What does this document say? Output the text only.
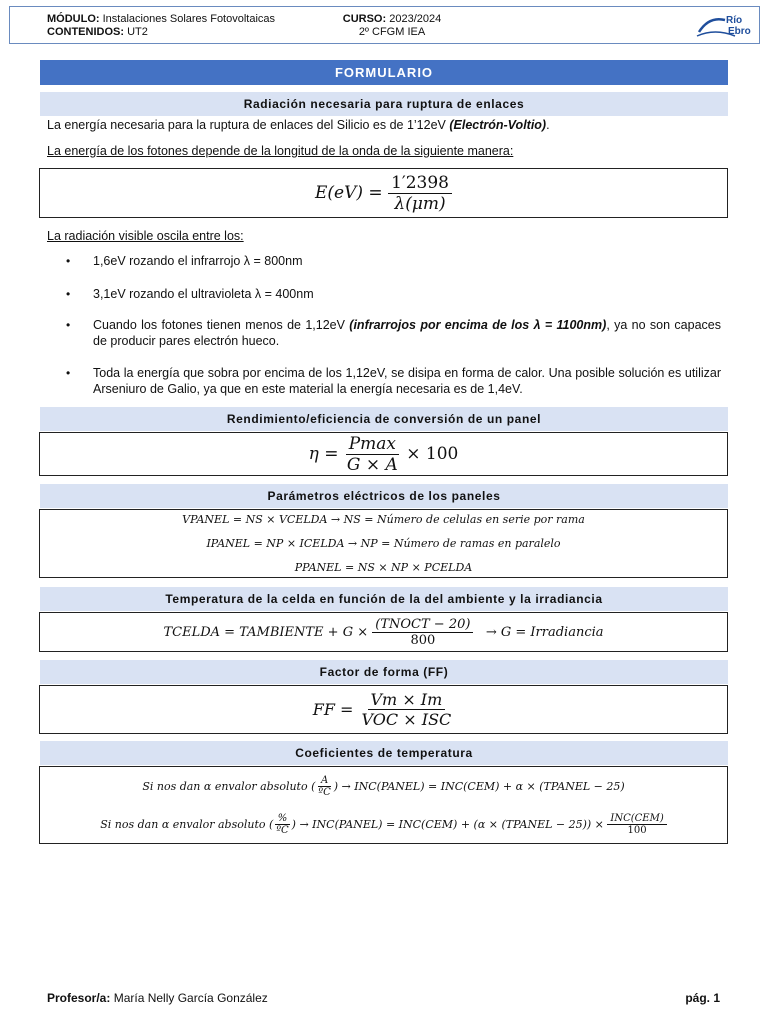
MÓDULO: Instalaciones Solares Fotovoltaicas
CONTENIDOS: UT2
CURSO: 2023/2024
2º CFGM IEA
Río
Ebro
FORMULARIO
Radiación necesaria para ruptura de enlaces
La energía necesaria para la ruptura de enlaces del Silicio es de 1’12eV (Electrón-Voltio).
La energía de los fotones depende de la longitud de la onda de la siguiente manera:
E(eV) =
$\frac{1'2398}{\lambda(\mu m)}$
La radiación visible oscila entre los:
•	1,6eV rozando el infrarrojo λ = 800nm
•	3,1eV rozando el ultravioleta λ = 400nm
•	Cuando los fotones tienen menos de 1,12eV (infrarrojos por encima de los λ = 1100nm), ya no son capaces de producir pares electrón hueco.
•	Toda la energía que sobra por encima de los 1,12eV, se disipa en forma de calor. Una posible solución es utilizar Arseniuro de Galio, ya que en este material la energía necesaria es de 1,4eV.
Rendimiento/eficiencia de conversión de un panel
η =
$\frac{Pmax}{G \times A}$
× 100
Parámetros eléctricos de los paneles
VPANEL = NS × VCELDA → NS = Número de celulas en serie por rama
IPANEL = NP × ICELDA → NP = Número de ramas en paralelo
PPANEL = NS × NP × PCELDA
Temperatura de la celda en función de la del ambiente y la irradiancia
TCELDA = TAMBIENTE + G ×
$\frac{\text{(TNOCT − 20)}}{800}$
→ G = Irradiancia
Factor de forma (FF)
FF =
$\frac{Vm \times Im}{\text{VOC × ISC}}$
Coeficientes de temperatura
Si nos dan α envalor absoluto ( $\frac{A}{\text{ºC}}$ ) → INC(PANEL) = INC(CEM) + α × (TPANEL − 25)
Si nos dan α envalor absoluto ( $\frac{\%}{\text{ºC}}$ ) → INC(PANEL) = INC(CEM) + (α × (TPANEL − 25)) ×
$\frac{\text{INC(CEM)}}{100}$
Profesor/a: María Nelly García González	pág. 1
